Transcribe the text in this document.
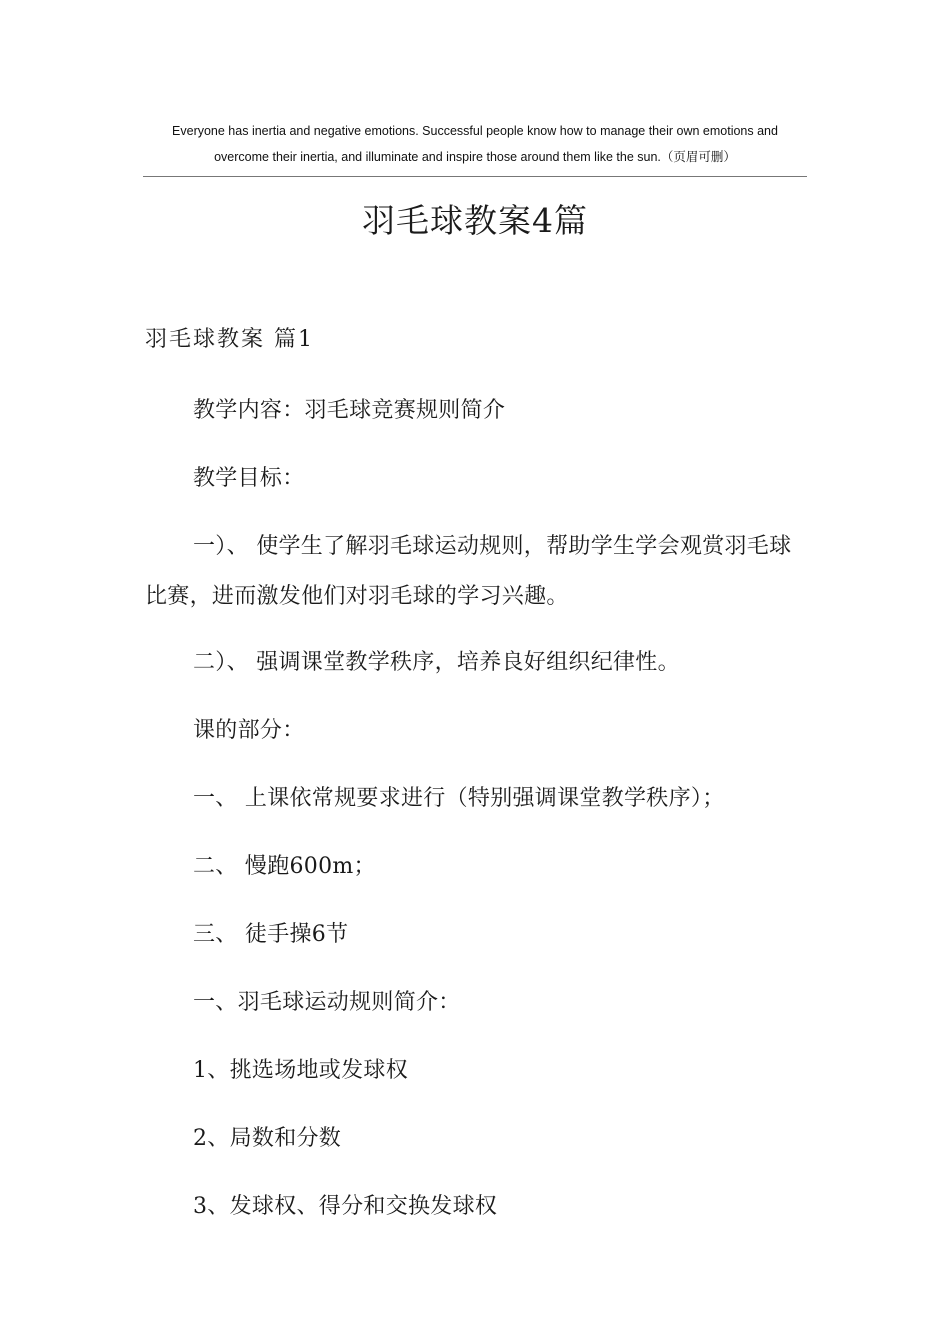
Everyone has inertia and negative emotions. Successful people know how to manage their own emotions and
overcome their inertia, and illuminate and inspire those around them like the sun.（页眉可删）
羽毛球教案4篇
羽毛球教案 篇1
教学内容：羽毛球竞赛规则简介
教学目标：
一）、 使学生了解羽毛球运动规则，帮助学生学会观赏羽毛球比赛，进而激发他们对羽毛球的学习兴趣。
二）、 强调课堂教学秩序，培养良好组织纪律性。
课的部分：
一、 上课依常规要求进行（特别强调课堂教学秩序）；
二、 慢跑600m；
三、 徒手操6节
一、羽毛球运动规则简介：
1、挑选场地或发球权
2、局数和分数
3、发球权、得分和交换发球权
